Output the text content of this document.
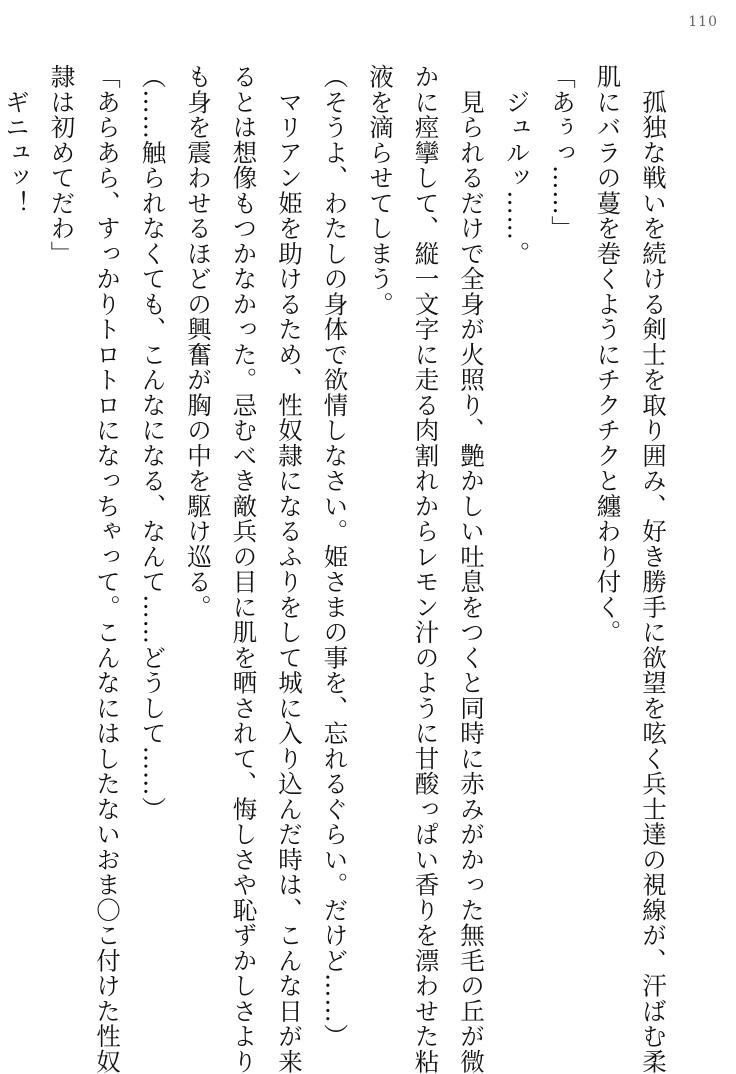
110
　孤独な戦いを続ける剣士を取り囲み、好き勝手に欲望を呟く兵士達の視線が、汗ばむ柔
肌にバラの蔓を巻くようにチクチクと纏わり付く。
「あぅっ……」
　ジュルッ……。
　見られるだけで全身が火照り、艶かしい吐息をつくと同時に赤みがかった無毛の丘が微
かに痙攣して、縦一文字に走る肉割れからレモン汁のように甘酸っぱい香りを漂わせた粘
液を滴らせてしまう。
（そうよ、わたしの身体で欲情しなさい。姫さまの事を、忘れるぐらい。だけど……）
　マリアン姫を助けるため、性奴隷になるふりをして城に入り込んだ時は、こんな日が来
るとは想像もつかなかった。忌むべき敵兵の目に肌を晒されて、悔しさや恥ずかしさより
も身を震わせるほどの興奮が胸の中を駆け巡る。
（……触られなくても、こんなになる、なんて……どうして……）
「あらあら、すっかりトロトロになっちゃって。こんなにはしたないおま〇こ付けた性奴
隷は初めてだわ」
　ギニュッ！
